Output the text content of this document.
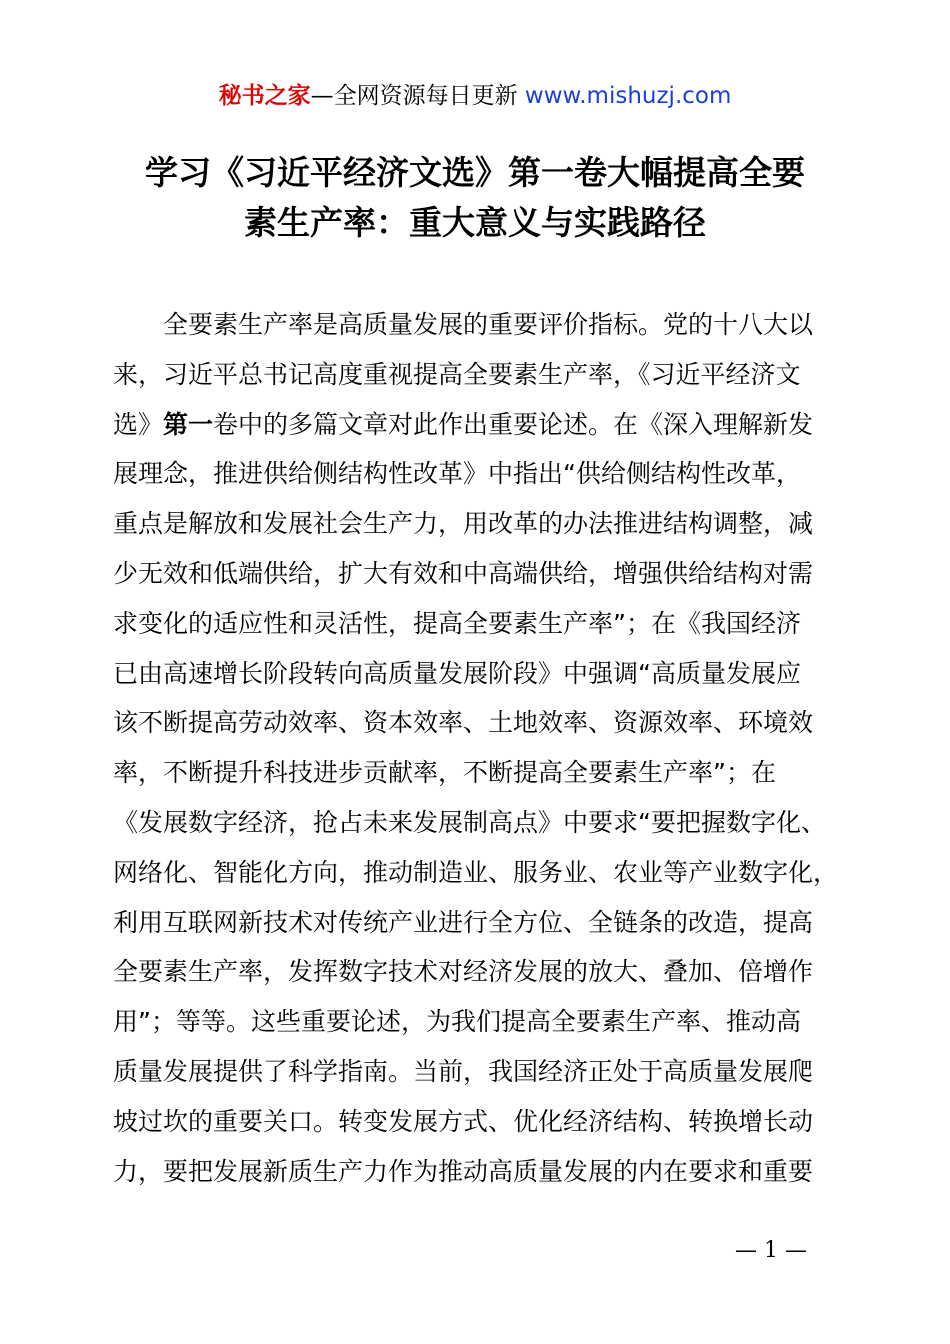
秘书之家—全网资源每日更新 www.mishuzj.com
学习《习近平经济文选》第一卷大幅提高全要
素生产率：重大意义与实践路径
　　全要素生产率是高质量发展的重要评价指标。党的十八大以
来，习近平总书记高度重视提高全要素生产率，《习近平经济文
选》第一卷中的多篇文章对此作出重要论述。在《深入理解新发
展理念，推进供给侧结构性改革》中指出“供给侧结构性改革，
重点是解放和发展社会生产力，用改革的办法推进结构调整，减
少无效和低端供给，扩大有效和中高端供给，增强供给结构对需
求变化的适应性和灵活性，提高全要素生产率”；在《我国经济
已由高速增长阶段转向高质量发展阶段》中强调“高质量发展应
该不断提高劳动效率、资本效率、土地效率、资源效率、环境效
率，不断提升科技进步贡献率，不断提高全要素生产率”；在
《发展数字经济，抢占未来发展制高点》中要求“要把握数字化、
网络化、智能化方向，推动制造业、服务业、农业等产业数字化，
利用互联网新技术对传统产业进行全方位、全链条的改造，提高
全要素生产率，发挥数字技术对经济发展的放大、叠加、倍增作
用”；等等。这些重要论述，为我们提高全要素生产率、推动高
质量发展提供了科学指南。当前，我国经济正处于高质量发展爬
坡过坎的重要关口。转变发展方式、优化经济结构、转换增长动
力，要把发展新质生产力作为推动高质量发展的内在要求和重要
— 1 —
